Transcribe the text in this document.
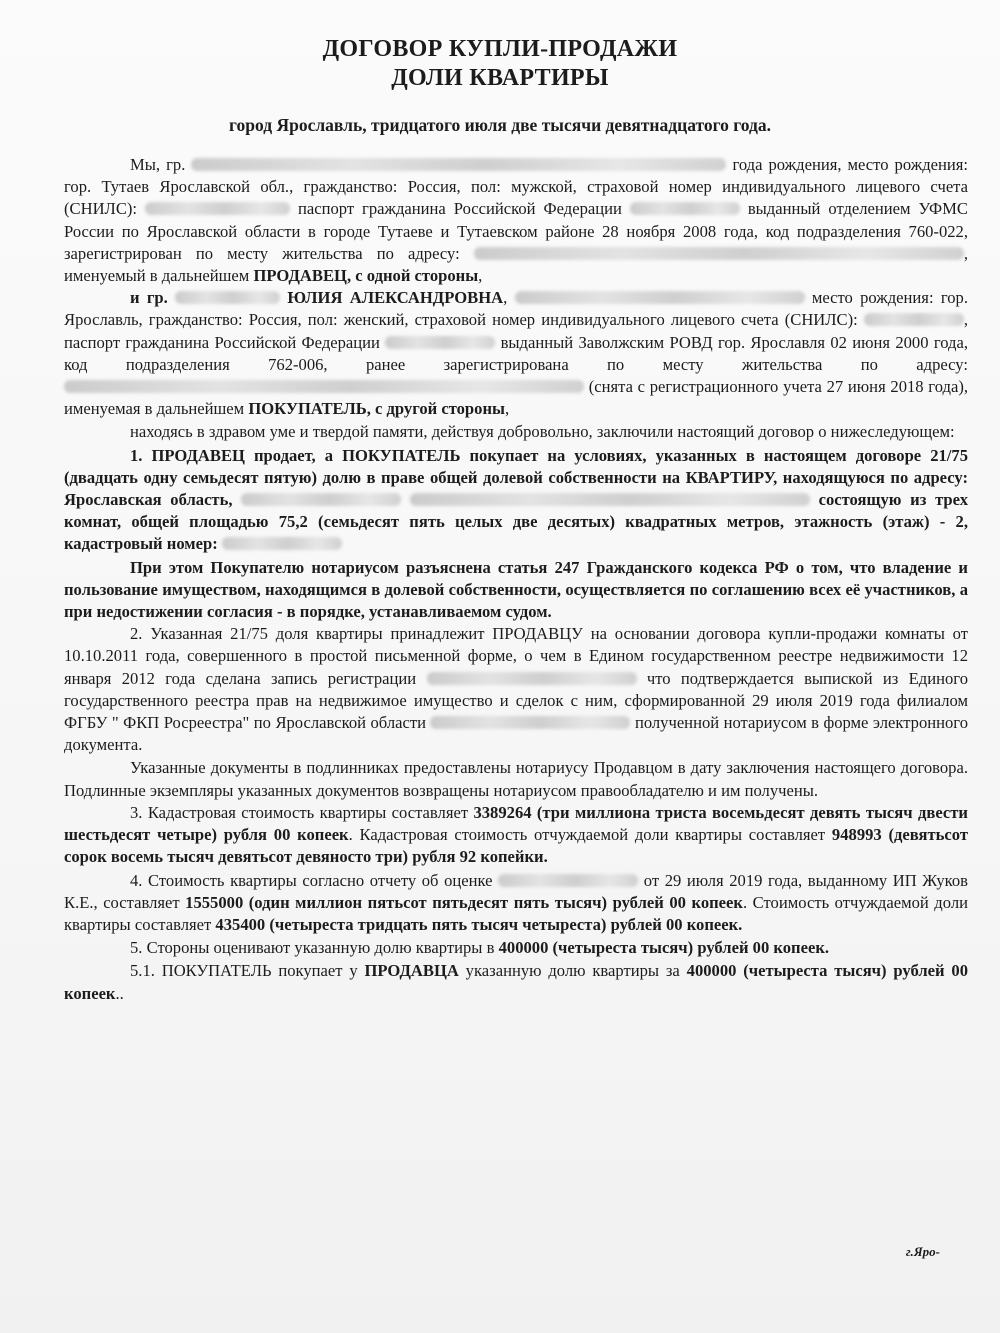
ДОГОВОР КУПЛИ-ПРОДАЖИ
ДОЛИ КВАРТИРЫ
город Ярославль, тридцатого июля две тысячи девятнадцатого года.

Мы, гр.	года рождения, место рождения: гор. Тутаев Ярославской обл., гражданство: Россия, пол: мужской, страховой номер индивидуального лицевого счета (СНИЛС):	паспорт гражданина Российской Федерации	выданный отделением УФМС России по Ярославской области в городе Тутаеве и Тутаевском районе 28 ноября 2008 года, код подразделения 760-022, зарегистрирован по месту жительства по адресу:	, именуемый в дальнейшем ПРОДАВЕЦ, с одной стороны,

и гр.	ЮЛИЯ АЛЕКСАНДРОВНА,	место рождения: гор. Ярославль, гражданство: Россия, пол: женский, страховой номер индивидуального лицевого счета (СНИЛС):	, паспорт гражданина Российской Федерации	выданный Заволжским РОВД гор. Ярославля 02 июня 2000 года, код подразделения 762-006, ранее зарегистрирована по месту жительства по адресу:  (снята с регистрационного учета 27 июня 2018 года), именуемая в дальнейшем ПОКУПАТЕЛЬ, с другой стороны,

находясь в здравом уме и твердой памяти, действуя добровольно, заключили настоящий договор о нижеследующем:

1. ПРОДАВЕЦ продает, а ПОКУПАТЕЛЬ покупает на условиях, указанных в настоящем договоре 21/75 (двадцать одну семьдесят пятую) долю в праве общей долевой собственности на КВАРТИРУ, находящуюся по адресу: Ярославская область,	состоящую из трех комнат, общей площадью 75,2 (семьдесят пять целых две десятых) квадратных метров, этажность (этаж) - 2, кадастровый номер:

При этом Покупателю нотариусом разъяснена статья 247 Гражданского кодекса РФ о том, что владение и пользование имуществом, находящимся в долевой собственности, осуществляется по соглашению всех её участников, а при недостижении согласия - в порядке, устанавливаемом судом.

2. Указанная 21/75 доля квартиры принадлежит ПРОДАВЦУ на основании договора купли-продажи комнаты от 10.10.2011 года, совершенного в простой письменной форме, о чем в Едином государственном реестре недвижимости 12 января 2012 года сделана запись регистрации	что подтверждается выпиской из Единого государственного реестра прав на недвижимое имущество и сделок с ним, сформированной 29 июля 2019 года филиалом ФГБУ " ФКП Росреестра" по Ярославской области	полученной нотариусом в форме электронного документа.

Указанные документы в подлинниках предоставлены нотариусу Продавцом в дату заключения настоящего договора. Подлинные экземпляры указанных документов возвращены нотариусом правообладателю и им получены.

3. Кадастровая стоимость квартиры составляет 3389264 (три миллиона триста восемьдесят девять тысяч двести шестьдесят четыре) рубля 00 копеек. Кадастровая стоимость отчуждаемой доли квартиры составляет 948993 (девятьсот сорок восемь тысяч девятьсот девяносто три) рубля 92 копейки.

4. Стоимость квартиры согласно отчету об оценке	от 29 июля 2019 года, выданному ИП Жуков К.Е., составляет 1555000 (один миллион пятьсот пятьдесят пять тысяч) рублей 00 копеек. Стоимость отчуждаемой доли квартиры составляет 435400 (четыреста тридцать пять тысяч четыреста) рублей 00 копеек.

5. Стороны оценивают указанную долю квартиры в 400000 (четыреста тысяч) рублей 00 копеек.

5.1. ПОКУПАТЕЛЬ покупает у ПРОДАВЦА указанную долю квартиры за 400000 (четыреста тысяч) рублей 00 копеек..

г.Яро-
